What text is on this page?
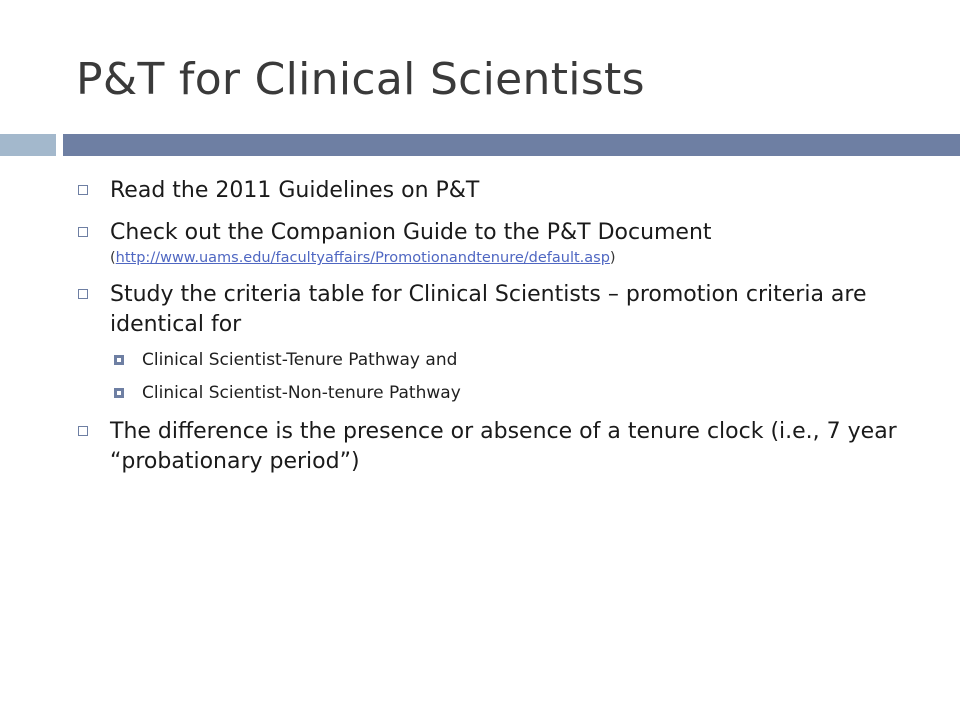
P&T for Clinical Scientists
Read the 2011 Guidelines on P&T
Check out the Companion Guide to the P&T Document
(http://www.uams.edu/facultyaffairs/Promotionandtenure/default.asp)
Study the criteria table for Clinical Scientists – promotion criteria are identical for
Clinical Scientist-Tenure Pathway and
Clinical Scientist-Non-tenure Pathway
The difference is the presence or absence of a tenure clock (i.e., 7 year “probationary period”)
